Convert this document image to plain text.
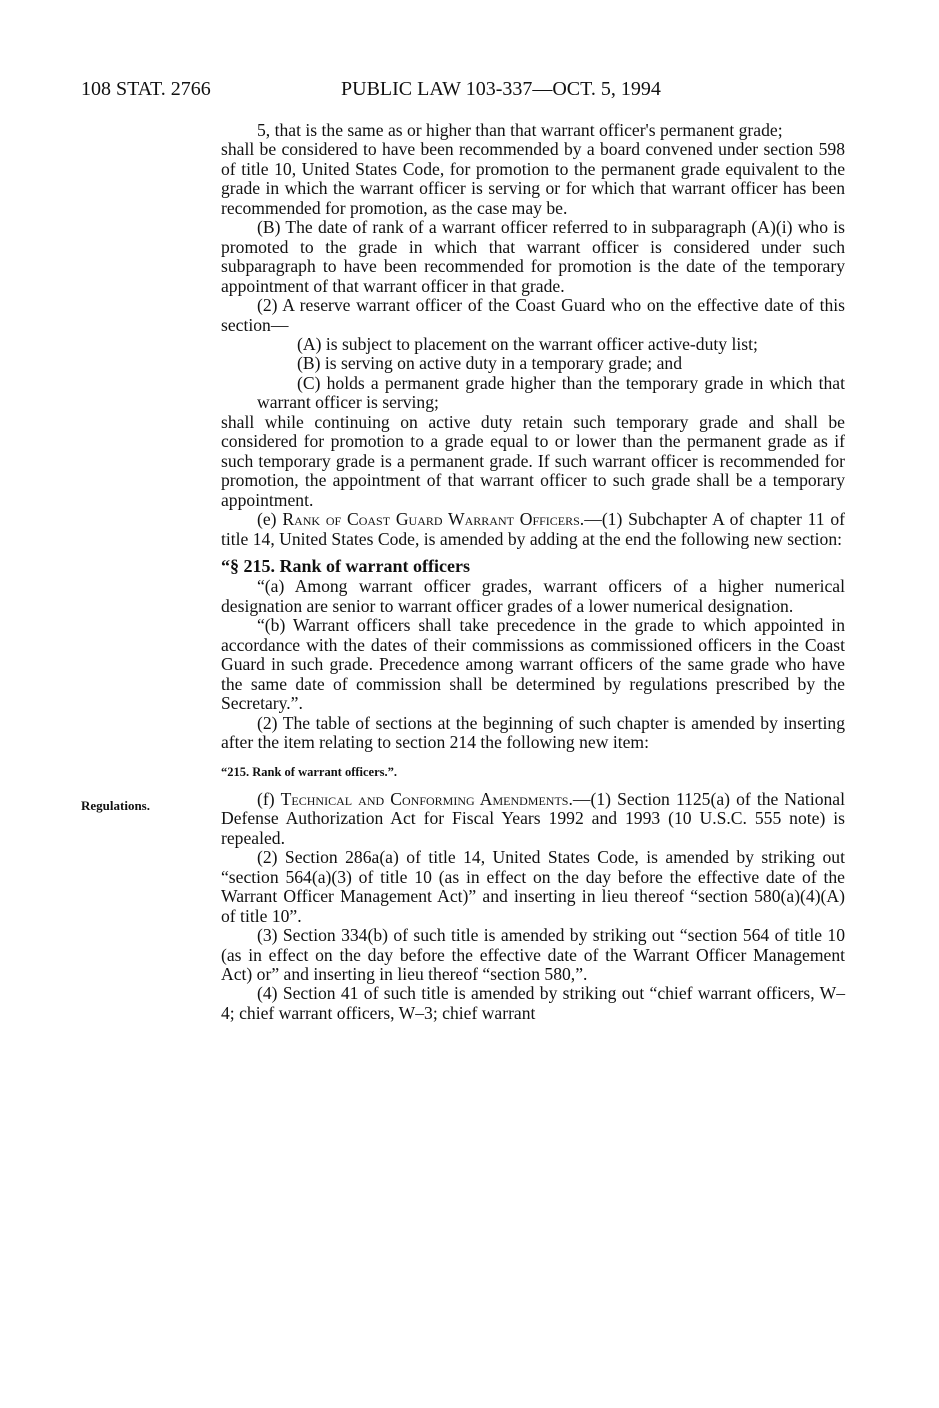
108 STAT. 2766	PUBLIC LAW 103-337—OCT. 5, 1994
Regulations.

5, that is the same as or higher than that warrant officer's permanent grade;

shall be considered to have been recommended by a board convened under section 598 of title 10, United States Code, for promotion to the permanent grade equivalent to the grade in which the warrant officer is serving or for which that warrant officer has been recommended for promotion, as the case may be.

(B) The date of rank of a warrant officer referred to in subparagraph (A)(i) who is promoted to the grade in which that warrant officer is considered under such subparagraph to have been recommended for promotion is the date of the temporary appointment of that warrant officer in that grade.

(2) A reserve warrant officer of the Coast Guard who on the effective date of this section—

(A) is subject to placement on the warrant officer active-duty list;

(B) is serving on active duty in a temporary grade; and

(C) holds a permanent grade higher than the temporary grade in which that warrant officer is serving;

shall while continuing on active duty retain such temporary grade and shall be considered for promotion to a grade equal to or lower than the permanent grade as if such temporary grade is a permanent grade. If such warrant officer is recommended for promotion, the appointment of that warrant officer to such grade shall be a temporary appointment.

(e) Rank of Coast Guard Warrant Officers.—(1) Subchapter A of chapter 11 of title 14, United States Code, is amended by adding at the end the following new section:

“§ 215. Rank of warrant officers

“(a) Among warrant officer grades, warrant officers of a higher numerical designation are senior to warrant officer grades of a lower numerical designation.

“(b) Warrant officers shall take precedence in the grade to which appointed in accordance with the dates of their commissions as commissioned officers in the Coast Guard in such grade. Precedence among warrant officers of the same grade who have the same date of commission shall be determined by regulations prescribed by the Secretary.”.

(2) The table of sections at the beginning of such chapter is amended by inserting after the item relating to section 214 the following new item:

“215. Rank of warrant officers.”.

(f) Technical and Conforming Amendments.—(1) Section 1125(a) of the National Defense Authorization Act for Fiscal Years 1992 and 1993 (10 U.S.C. 555 note) is repealed.

(2) Section 286a(a) of title 14, United States Code, is amended by striking out “section 564(a)(3) of title 10 (as in effect on the day before the effective date of the Warrant Officer Management Act)” and inserting in lieu thereof “section 580(a)(4)(A) of title 10”.

(3) Section 334(b) of such title is amended by striking out “section 564 of title 10 (as in effect on the day before the effective date of the Warrant Officer Management Act) or” and inserting in lieu thereof “section 580,”.

(4) Section 41 of such title is amended by striking out “chief warrant officers, W–4; chief warrant officers, W–3; chief warrant
